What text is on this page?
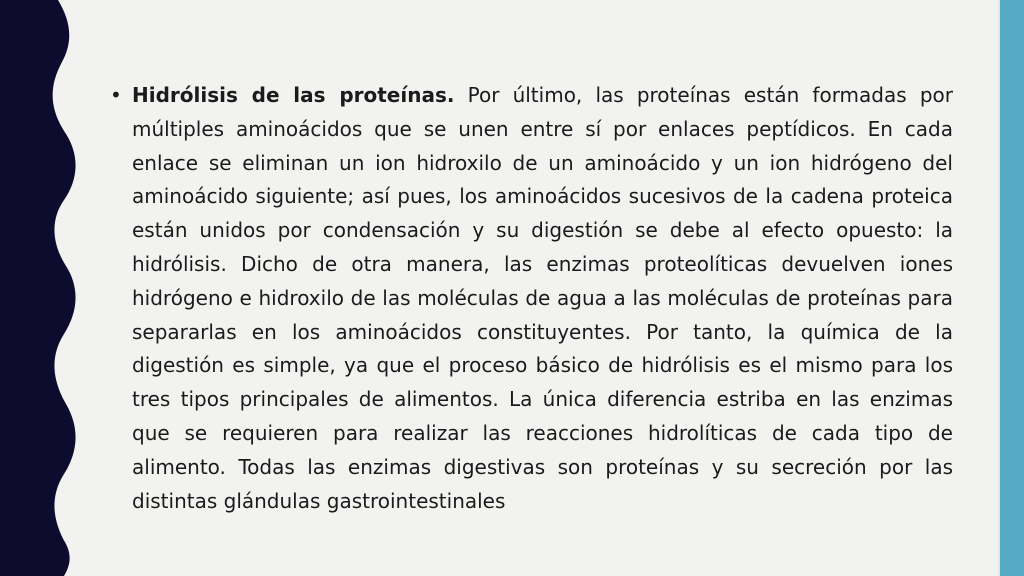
• Hidrólisis de las proteínas. Por último, las proteínas están formadas por múltiples aminoácidos que se unen entre sí por enlaces peptídicos. En cada enlace se eliminan un ion hidroxilo de un aminoácido y un ion hidrógeno del aminoácido siguiente; así pues, los aminoácidos sucesivos de la cadena proteica están unidos por condensación y su digestión se debe al efecto opuesto: la hidrólisis. Dicho de otra manera, las enzimas proteolíticas devuelven iones hidrógeno e hidroxilo de las moléculas de agua a las moléculas de proteínas para separarlas en los aminoácidos constituyentes. Por tanto, la química de la digestión es simple, ya que el proceso básico de hidrólisis es el mismo para los tres tipos principales de alimentos. La única diferencia estriba en las enzimas que se requieren para realizar las reacciones hidrolíticas de cada tipo de alimento. Todas las enzimas digestivas son proteínas y su secreción por las distintas glándulas gastrointestinales
